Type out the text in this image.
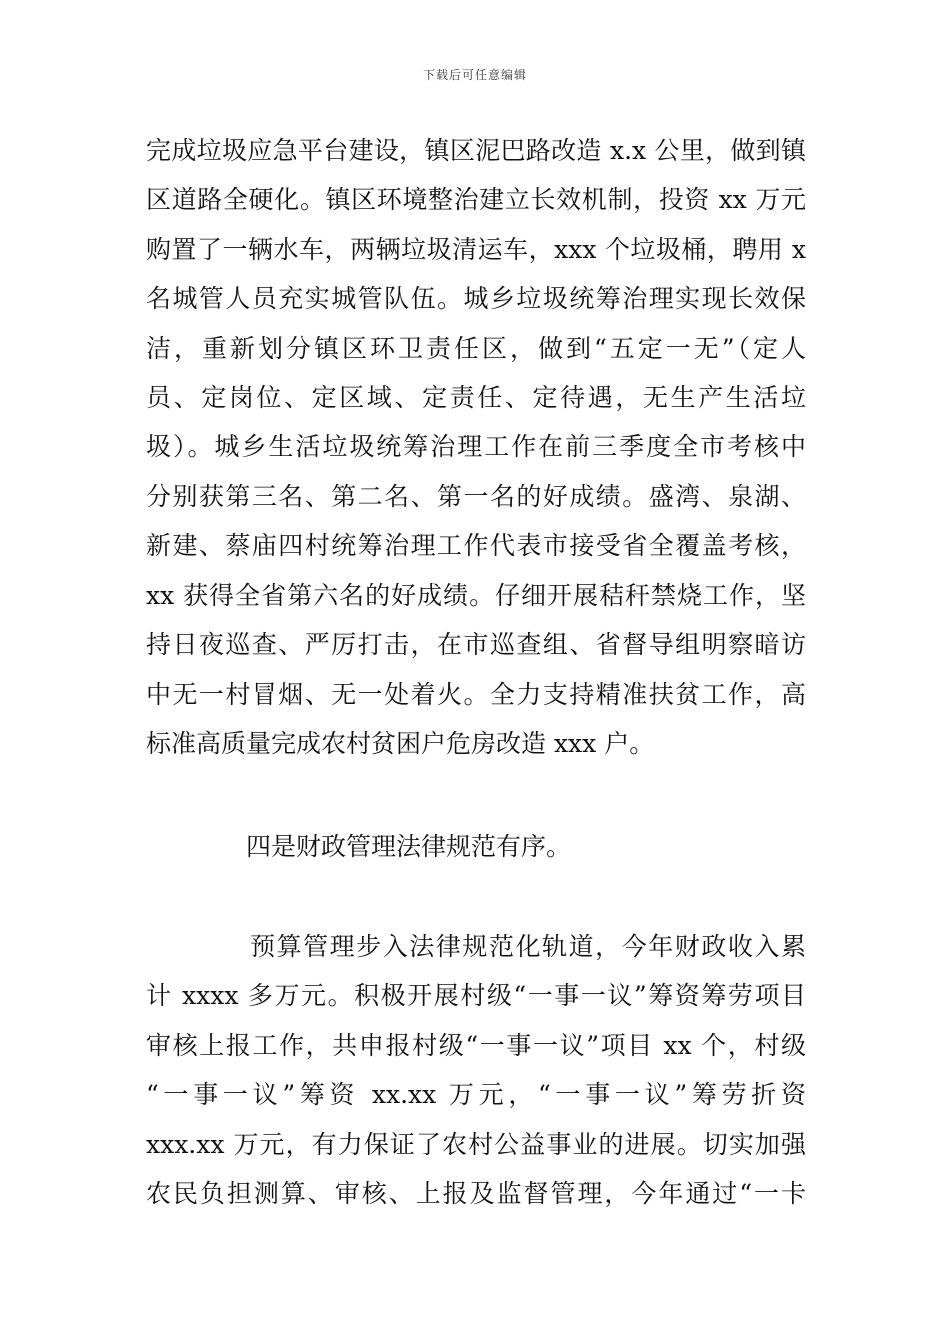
下载后可任意编辑
完成垃圾应急平台建设，镇区泥巴路改造 x.x 公里，做到镇
区道路全硬化。镇区环境整治建立长效机制，投资 xx 万元
购置了一辆水车，两辆垃圾清运车，xxx 个垃圾桶，聘用 x
名城管人员充实城管队伍。城乡垃圾统筹治理实现长效保
洁，重新划分镇区环卫责任区，做到“五定一无”（定人
员、定岗位、定区域、定责任、定待遇，无生产生活垃
圾）。城乡生活垃圾统筹治理工作在前三季度全市考核中
分别获第三名、第二名、第一名的好成绩。盛湾、泉湖、
新建、蔡庙四村统筹治理工作代表市接受省全覆盖考核，
xx 获得全省第六名的好成绩。仔细开展秸秆禁烧工作，坚
持日夜巡查、严厉打击，在市巡查组、省督导组明察暗访
中无一村冒烟、无一处着火。全力支持精准扶贫工作，高
标准高质量完成农村贫困户危房改造 xxx 户。
四是财政管理法律规范有序。
预算管理步入法律规范化轨道，今年财政收入累
计 xxxx 多万元。积极开展村级“一事一议”筹资筹劳项目
审核上报工作，共申报村级“一事一议”项目 xx 个，村级
“一事一议”筹资 xx.xx 万元，“一事一议”筹劳折资
xxx.xx 万元，有力保证了农村公益事业的进展。切实加强
农民负担测算、审核、上报及监督管理，今年通过“一卡
